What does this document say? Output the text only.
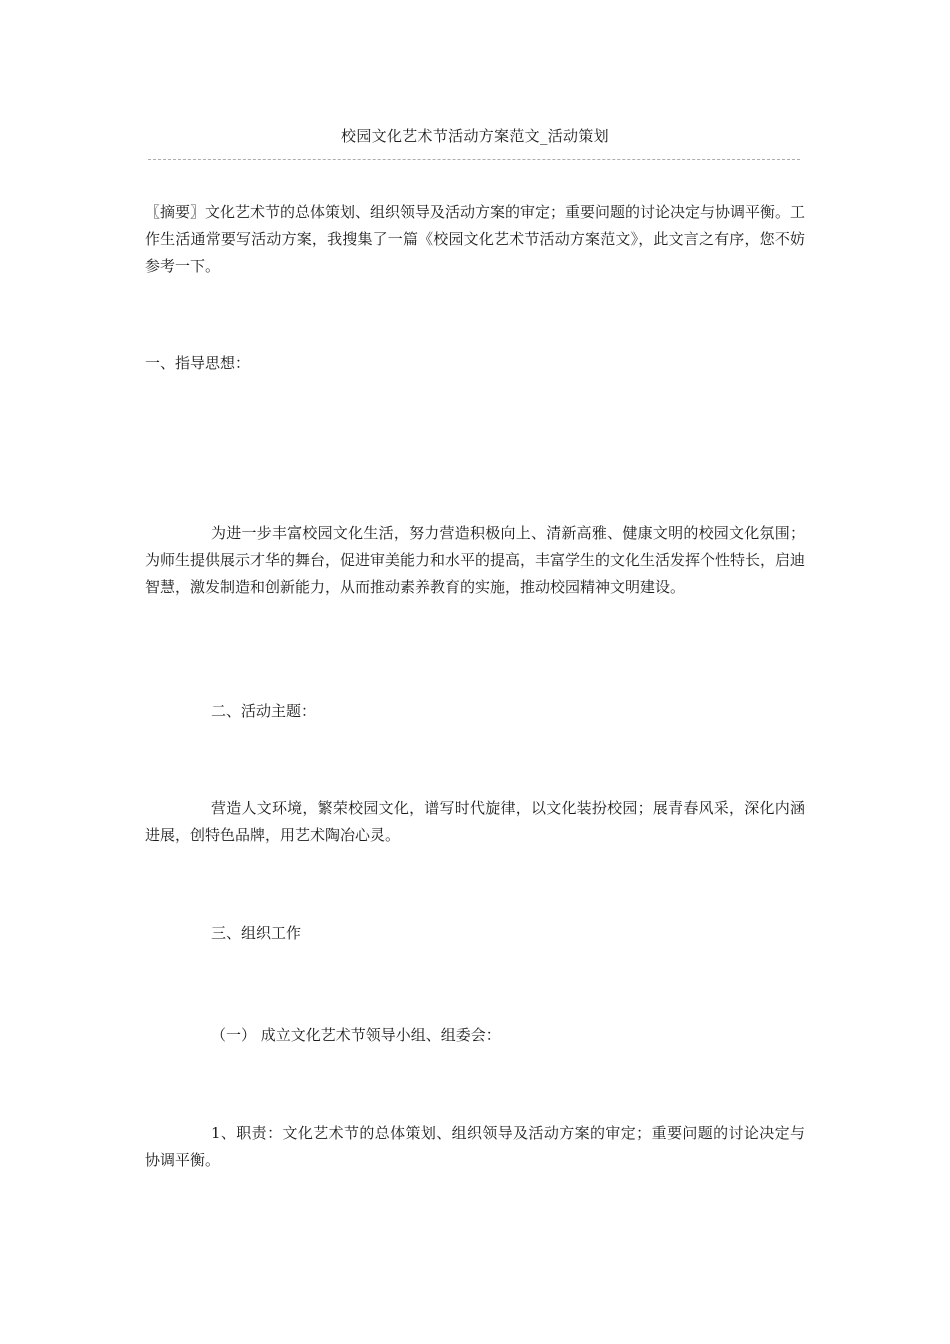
校园文化艺术节活动方案范文_活动策划

〖摘要〗文化艺术节的总体策划、组织领导及活动方案的审定；重要问题的讨论决定与协调平衡。工作生活通常要写活动方案，我搜集了一篇《校园文化艺术节活动方案范文》，此文言之有序，您不妨参考一下。

一、指导思想：

为进一步丰富校园文化生活，努力营造积极向上、清新高雅、健康文明的校园文化氛围；为师生提供展示才华的舞台，促进审美能力和水平的提高，丰富学生的文化生活发挥个性特长，启迪智慧，激发制造和创新能力，从而推动素养教育的实施，推动校园精神文明建设。

二、活动主题：

营造人文环境，繁荣校园文化，谱写时代旋律，以文化装扮校园；展青春风采，深化内涵进展，创特色品牌，用艺术陶冶心灵。

三、组织工作

（一） 成立文化艺术节领导小组、组委会：

1、职责：文化艺术节的总体策划、组织领导及活动方案的审定；重要问题的讨论决定与协调平衡。
